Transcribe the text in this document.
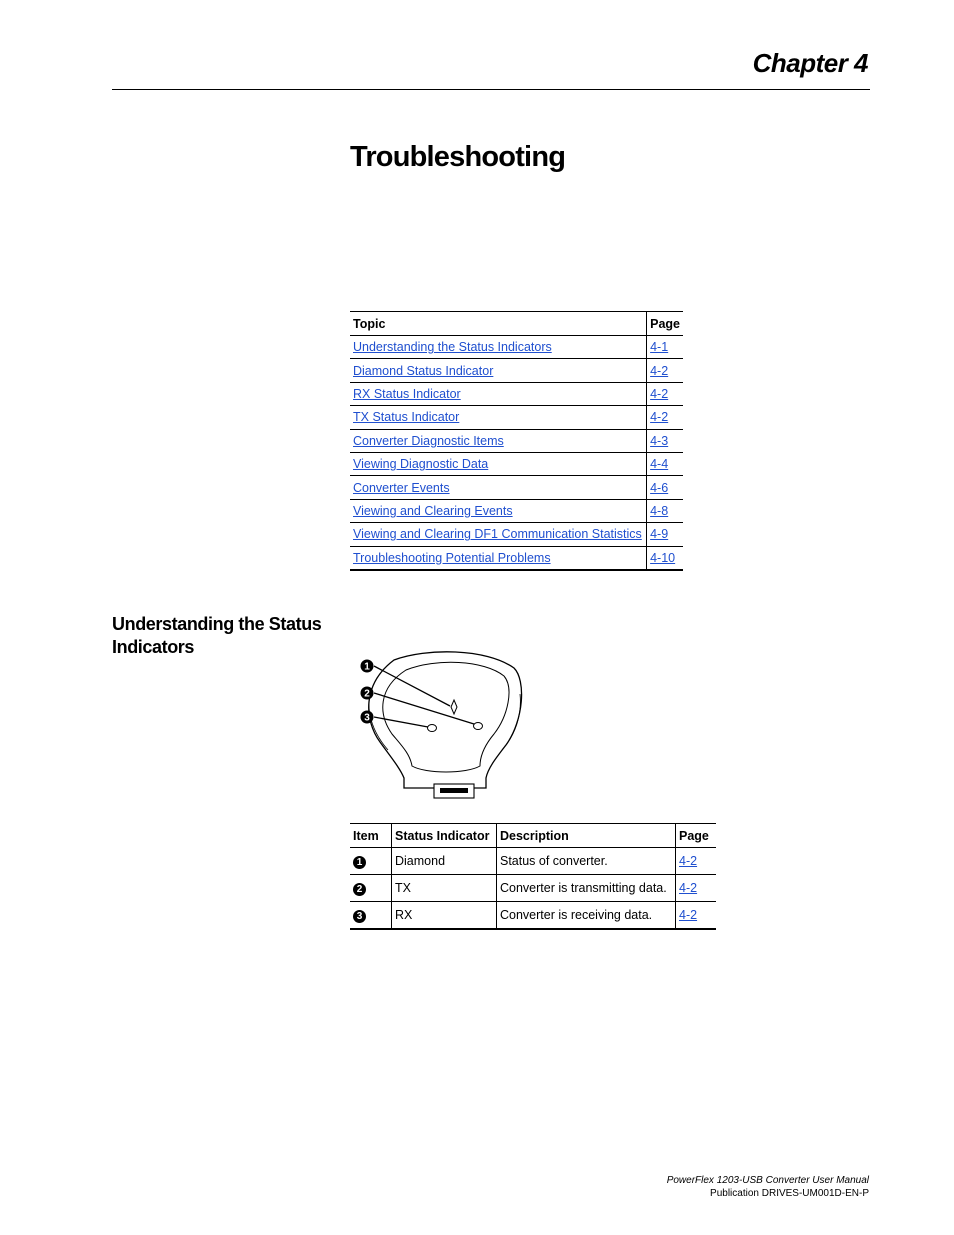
Chapter 4
Troubleshooting
Topic	Page
Understanding the Status Indicators	4-1
Diamond Status Indicator	4-2
RX Status Indicator	4-2
TX Status Indicator	4-2
Converter Diagnostic Items	4-3
Viewing Diagnostic Data	4-4
Converter Events	4-6
Viewing and Clearing Events	4-8
Viewing and Clearing DF1 Communication Statistics	4-9
Troubleshooting Potential Problems	4-10
Understanding the Status Indicators
1
2
3
Item	Status Indicator	Description	Page
1	Diamond	Status of converter.	4-2
2	TX	Converter is transmitting data.	4-2
3	RX	Converter is receiving data.	4-2
PowerFlex 1203-USB Converter User Manual
Publication DRIVES-UM001D-EN-P
